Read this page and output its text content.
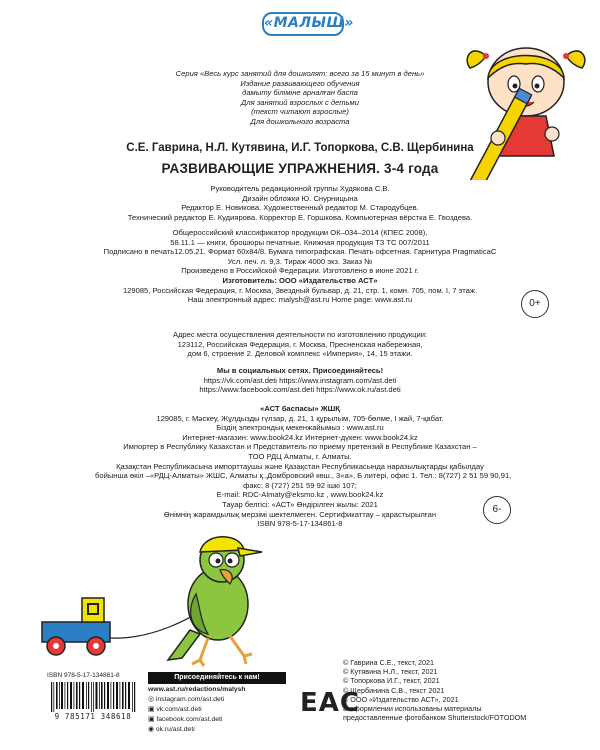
«МАЛЫШ»
Серия «Весь курс занятий для дошколят: всего за 15 минут в день»
Издание развивающего обучения
дамыту біліміне арналған баспа
Для занятий взрослых с детьми
(текст читают взрослые)
Для дошкольного возраста
С.Е. Гаврина, Н.Л. Кутявина, И.Г. Топоркова, С.В. Щербинина
РАЗВИВАЮЩИЕ УПРАЖНЕНИЯ. 3-4 года
Руководитель редакционной группы Худякова С.В.
Дизайн обложки Ю. Снурницына
Редактор Е. Новикова. Художественный редактор М. Стародубцев.
Технический редактор Е. Кудиярова. Корректор Е. Горшкова. Компьютерная вёрстка Е. Гвоздева.
Общероссийский классификатор продукции ОК–034–2014 (КПЕС 2008),
58.11.1 — книги, брошюры печатные. Книжная продукция ТЗ ТС 007/2011
Подписано в печать12.05.21. Формат 60х84/8. Бумага типографская. Печать офсетная. Гарнитура PragmaticaC
Усл. печ. л. 9,3. Тираж 4000 экз. Заказ №
Произведено в Российской Федерации. Изготовлено в июне 2021 г.
Изготовитель: ООО «Издательство АСТ»
129085, Российская Федерация, г. Москва, Звездный бульвар, д. 21, стр. 1, комн. 705, пом. I, 7 этаж.
Наш электронный адрес: malysh@ast.ru Home page: www.ast.ru	0+
Адрес места осуществления деятельности по изготовлению продукции:
123112, Российская Федерация, г. Москва, Пресненская набережная,
дом 6, строение 2. Деловой комплекс «Империя», 14, 15 этажи.
Мы в социальных сетях. Присоединяйтесь!
https://vk.com/ast.deti https://www.instagram.com/ast.deti
https://www.facebook.com/ast.deti https://www.ok.ru/ast.deti
«АСТ баспасы» ЖШҚ
129085, г. Мәскеу, Жұлдызды гүлзар, д. 21, 1 құрылым, 705-бөлме, I жай, 7-қабат.
Біздің электрондық мекенжайымыз : www.ast.ru
Интернет-магазин: www.book24.kz Интернет-дүкен: www.book24.kz
Импортер в Республику Казахстан и Представитель по приему претензий в Республике Казахстан –
ТОО РДЦ Алматы, г. Алматы.
Қазақстан Республикасына импорттаушы және Қазақстан Республикасында наразылықтарды қабылдау
бойынша өкіл –«РДЦ-Алматы» ЖШС, Алматы қ.,Домбровский көш., 3«а», Б литері, офис 1. Тел.: 8(727) 2 51 59 90,91,
факс: 8 (727) 251 59 92 ішкі 107;
E-mail: RDC-Almaty@eksmo.kz , www.book24.kz
Тауар белгісі: «АСТ» Өндірілген жылы: 2021
Өнімнің жарамдылық мерзімі шектелмеген. Сертификаттау – қарастырылған
ISBN 978-5-17-134861-8
6-
ISBN 978-5-17-134861-8
9 785171 348618
Присоединяйтесь к нам!
www.ast.ru/redactions/malysh
◎ instagram.com/ast.deti
▣ vk.com/ast.deti
▣ facebook.com/ast.deti
◉ ok.ru/ast.deti
ЕАС
© Гаврина С.Е., текст, 2021
© Кутявина Н.Л., текст, 2021
© Топоркова И.Г., текст, 2021
© Щербинина С.В., текст 2021
© ООО «Издательство АСТ», 2021
В оформлении использованы материалы
предоставленные фотобанком Shutterstock/FOTODOM
